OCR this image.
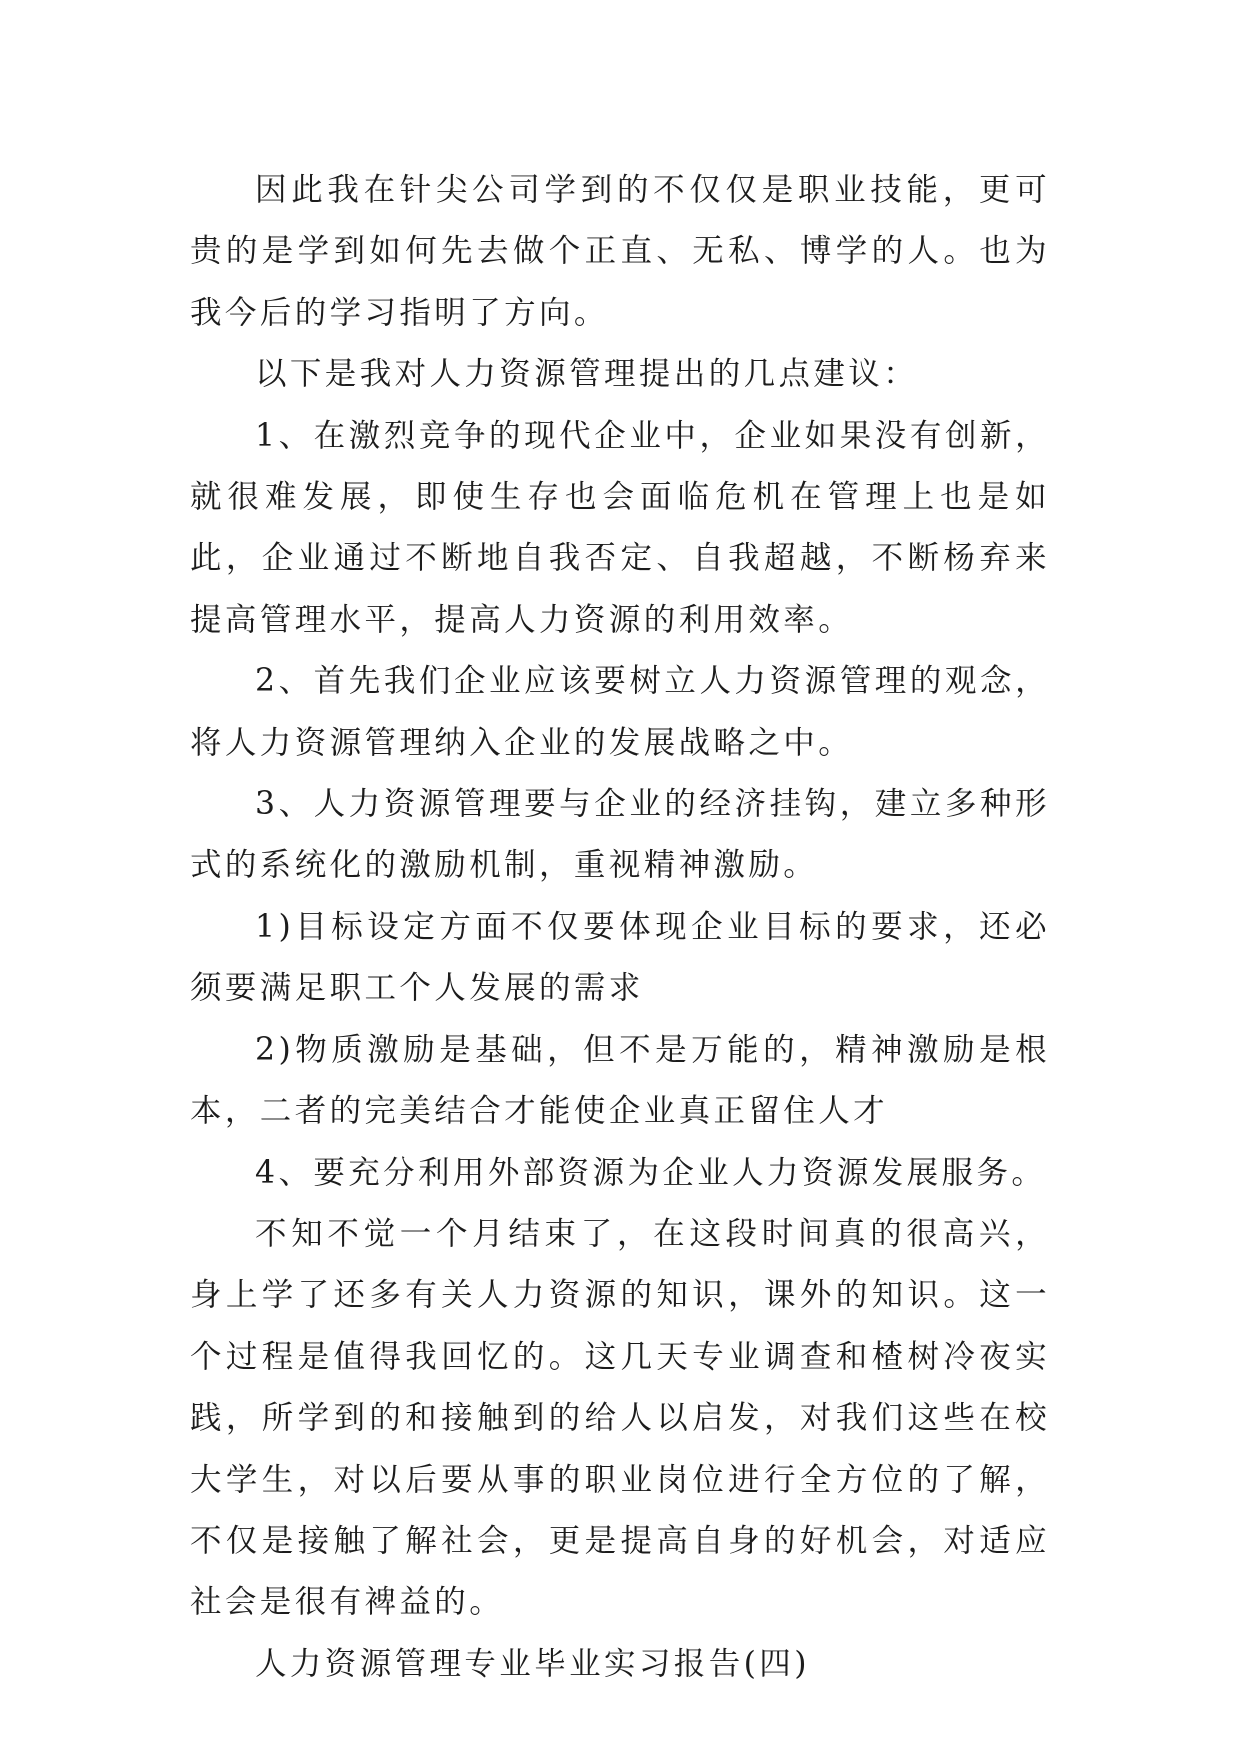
因此我在针尖公司学到的不仅仅是职业技能，更可贵的是学到如何先去做个正直、无私、博学的人。也为我今后的学习指明了方向。

以下是我对人力资源管理提出的几点建议：

1、在激烈竞争的现代企业中，企业如果没有创新，就很难发展，即使生存也会面临危机在管理上也是如此，企业通过不断地自我否定、自我超越，不断杨弃来提高管理水平，提高人力资源的利用效率。

2、首先我们企业应该要树立人力资源管理的观念，将人力资源管理纳入企业的发展战略之中。

3、人力资源管理要与企业的经济挂钩，建立多种形式的系统化的激励机制，重视精神激励。

1)目标设定方面不仅要体现企业目标的要求，还必须要满足职工个人发展的需求

2)物质激励是基础，但不是万能的，精神激励是根本，二者的完美结合才能使企业真正留住人才

4、要充分利用外部资源为企业人力资源发展服务。

不知不觉一个月结束了，在这段时间真的很高兴，身上学了还多有关人力资源的知识，课外的知识。这一个过程是值得我回忆的。这几天专业调查和楂树冷夜实践，所学到的和接触到的给人以启发，对我们这些在校大学生，对以后要从事的职业岗位进行全方位的了解，不仅是接触了解社会，更是提高自身的好机会，对适应社会是很有裨益的。

人力资源管理专业毕业实习报告(四)
